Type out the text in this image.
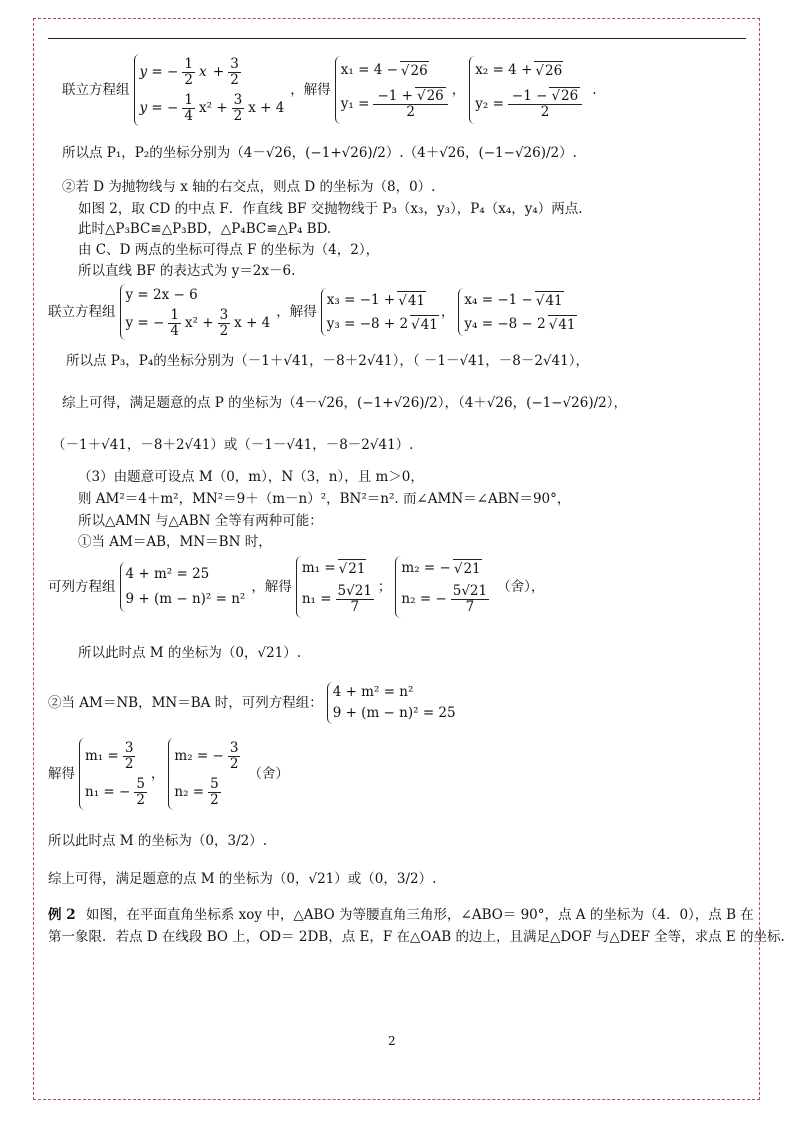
联立方程组
y = − $\frac{1}{2}$ $x + \frac{3}{2}$
y = − $\frac{1}{4} x^2 + \frac{3}{2}$ x + 4
，解得
x₁ = 4 − √ 26
$y_1 = \frac{-1 + √ 26}{2}$ ，
x₂ = 4 + √ 26
$y_2 = \frac{-1 - √ 26}{2}$ .
所以点 P₁，P₂的坐标分别为（4－√26，(−1+√26)/2）.（4＋√26，(−1−√26)/2）.
②若 D 为抛物线与 x 轴的右交点，则点 D 的坐标为（8，0）.
如图 2，取 CD 的中点 F．作直线 BF 交抛物线于 P₃（x₃，y₃），P₄（x₄，y₄）两点.
此时△P₃BC≌△P₃BD，△P₄BC≌△P₄ BD.
由 C、D 两点的坐标可得点 F 的坐标为（4，2），
所以直线 BF 的表达式为 y＝2x－6.
联立方程组
y = 2x − 6
y = − $\frac{1}{4} x^2 + \frac{3}{2}$ x + 4
，解得
x₃ = −1 + √ 41
y₃ = −8 + 2 √ 41
，
x₄ = −1 − √ 41
y₄ = −8 − 2 √ 41
所以点 P₃，P₄的坐标分别为（－1＋√41，－8＋2√41），（ －1－√41，－8－2√41），
综上可得，满足题意的点 P 的坐标为（4－√26，(−1+√26)/2），（4＋√26，(−1−√26)/2），
（－1＋√41，－8＋2√41）或（－1－√41，－8－2√41）.
（3）由题意可设点 M（0，m），N（3，n），且 m＞0，
则 AM²＝4＋m²，MN²＝9＋（m－n）²，BN²＝n². 而∠AMN＝∠ABN＝90°，
所以△AMN 与△ABN 全等有两种可能：
①当 AM＝AB，MN＝BN 时，
可列方程组
4 + m² = 25
9 + (m − n)² = n²
，解得
m₁ = √ 21
$n_1 = \frac{5√21}{7}$ ；
m₂ = − √ 21
n₂ = − $\frac{5√21}{7}$ （舍），
所以此时点 M 的坐标为（0，√21）.
②当 AM＝NB，MN＝BA 时，可列方程组：
4 + m² = n²
9 + (m − n)² = 25
解得
$m_1 = \frac{3}{2}$
n₁ = − $\frac{5}{2}$
，
m₂ = − $\frac{3}{2}$
$n_2 = \frac{5}{2}$
（舍）
所以此时点 M 的坐标为（0，3/2）.
综上可得，满足题意的点 M 的坐标为（0，√21）或（0，3/2）.
例 2 如图，在平面直角坐标系 xoy 中，△ABO 为等腰直角三角形，∠ABO＝ 90°，点 A 的坐标为（4．0），点 B 在
第一象限．若点 D 在线段 BO 上，OD＝ 2DB，点 E，F 在△OAB 的边上，且满足△DOF 与△DEF 全等，求点 E 的坐标.
2
